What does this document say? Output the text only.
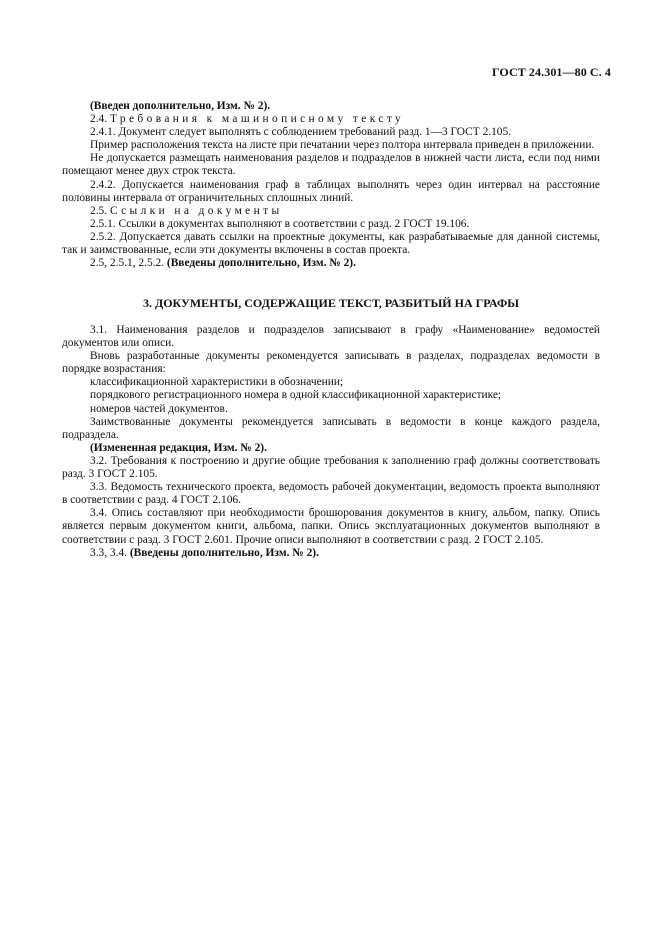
ГОСТ 24.301—80 С. 4

(Введен дополнительно, Изм. № 2).

2.4. Требования к машинописному тексту

2.4.1. Документ следует выполнять с соблюдением требований разд. 1—3 ГОСТ 2.105.

Пример расположения текста на листе при печатании через полтора интервала приведен в приложении.

Не допускается размещать наименования разделов и подразделов в нижней части листа, если под ними помещают менее двух строк текста.

2.4.2. Допускается наименования граф в таблицах выполнять через один интервал на расстояние половины интервала от ограничительных сплошных линий.

2.5. Ссылки на документы

2.5.1. Ссылки в документах выполняют в соответствии с разд. 2 ГОСТ 19.106.

2.5.2. Допускается давать ссылки на проектные документы, как разрабатываемые для данной системы, так и заимствованные, если эти документы включены в состав проекта.

2.5, 2.5.1, 2.5.2. (Введены дополнительно, Изм. № 2).

3. ДОКУМЕНТЫ, СОДЕРЖАЩИЕ ТЕКСТ, РАЗБИТЫЙ НА ГРАФЫ

3.1. Наименования разделов и подразделов записывают в графу «Наименование» ведомостей документов или описи.

Вновь разработанные документы рекомендуется записывать в разделах, подразделах ведомости в порядке возрастания:

классификационной характеристики в обозначении;

порядкового регистрационного номера в одной классификационной характеристике;

номеров частей документов.

Заимствованные документы рекомендуется записывать в ведомости в конце каждого раздела, подраздела.

(Измененная редакция, Изм. № 2).

3.2. Требования к построению и другие общие требования к заполнению граф должны соответствовать разд. 3 ГОСТ 2.105.

3.3. Ведомость технического проекта, ведомость рабочей документации, ведомость проекта выполняют в соответствии с разд. 4 ГОСТ 2.106.

3.4. Опись составляют при необходимости брошюрования документов в книгу, альбом, папку. Опись является первым документом книги, альбома, папки. Опись эксплуатационных документов выполняют в соответствии с разд. 3 ГОСТ 2.601. Прочие описи выполняют в соответствии с разд. 2 ГОСТ 2.105.

3.3, 3.4. (Введены дополнительно, Изм. № 2).
